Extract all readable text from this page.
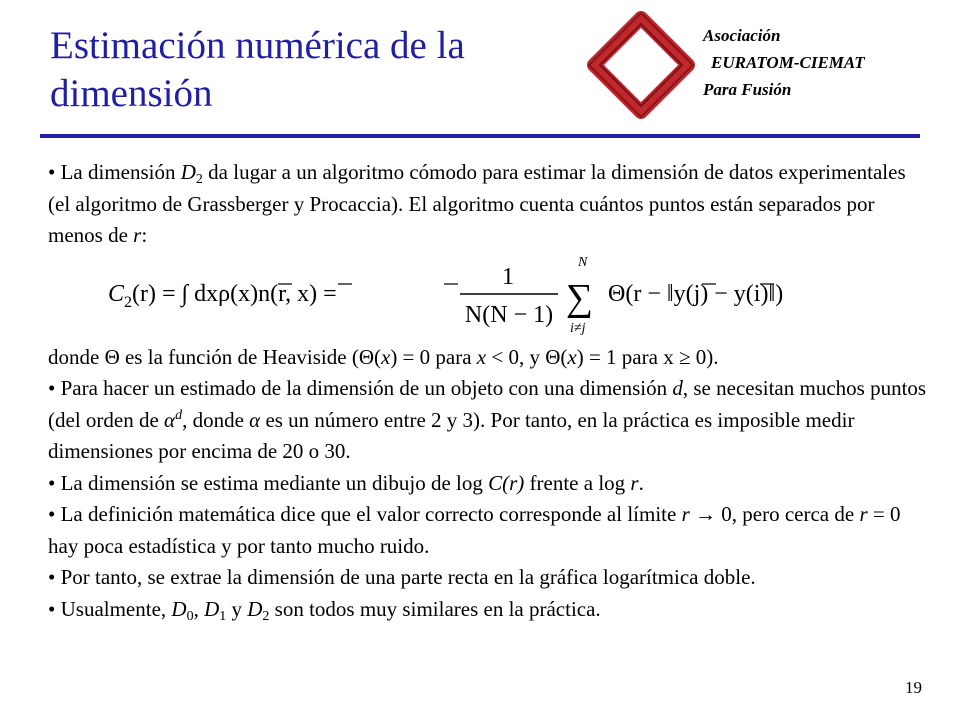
Estimación numérica de la dimensión
Asociación
EURATOM-CIEMAT
Para Fusión
• La dimensión $D_2$ da lugar a un algoritmo cómodo para estimar la dimensión de datos experimentales (el algoritmo de Grassberger y Procaccia). El algoritmo cuenta cuántos puntos están separados por menos de r:
$C_2(r)$ = ∫ dxρ(x)n(r, x) =
1
N(N − 1)
N
∑
i≠j
Θ(r − ‖y(j) − y(i)‖)
donde Θ es la función de Heaviside (Θ(x) = 0 para x < 0, y Θ(x) = 1 para x ≥ 0).
• Para hacer un estimado de la dimensión de un objeto con una dimensión d, se necesitan muchos puntos (del orden de $\alpha^d$, donde α es un número entre 2 y 3). Por tanto, en la práctica es imposible medir dimensiones por encima de 20 o 30.
• La dimensión se estima mediante un dibujo de log C(r) frente a log r.
• La definición matemática dice que el valor correcto corresponde al límite r → 0, pero cerca de r = 0 hay poca estadística y por tanto mucho ruido.
• Por tanto, se extrae la dimensión de una parte recta en la gráfica logarítmica doble.
• Usualmente, $D_0$, $D_1$ y $D_2$ son todos muy similares en la práctica.
19
